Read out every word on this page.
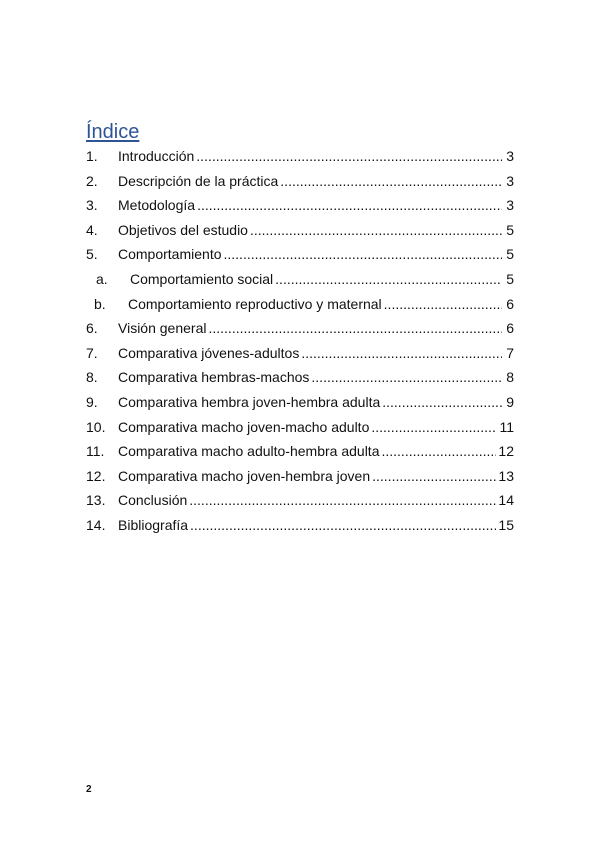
Índice
1.	Introducción .....	3
2.	Descripción de la práctica .....	3
3.	Metodología .....	3
4.	Objetivos del estudio .....	5
5.	Comportamiento .....	5
a.	Comportamiento social .....	5
b.	Comportamiento reproductivo y maternal .....	6
6.	Visión general .....	6
7.	Comparativa jóvenes-adultos .....	7
8.	Comparativa hembras-machos .....	8
9.	Comparativa hembra joven-hembra adulta .....	9
10. Comparativa macho joven-macho adulto .....	11
11. Comparativa macho adulto-hembra adulta .....	12
12. Comparativa macho joven-hembra joven .....	13
13. Conclusión .....	14
14. Bibliografía .....	15
2
